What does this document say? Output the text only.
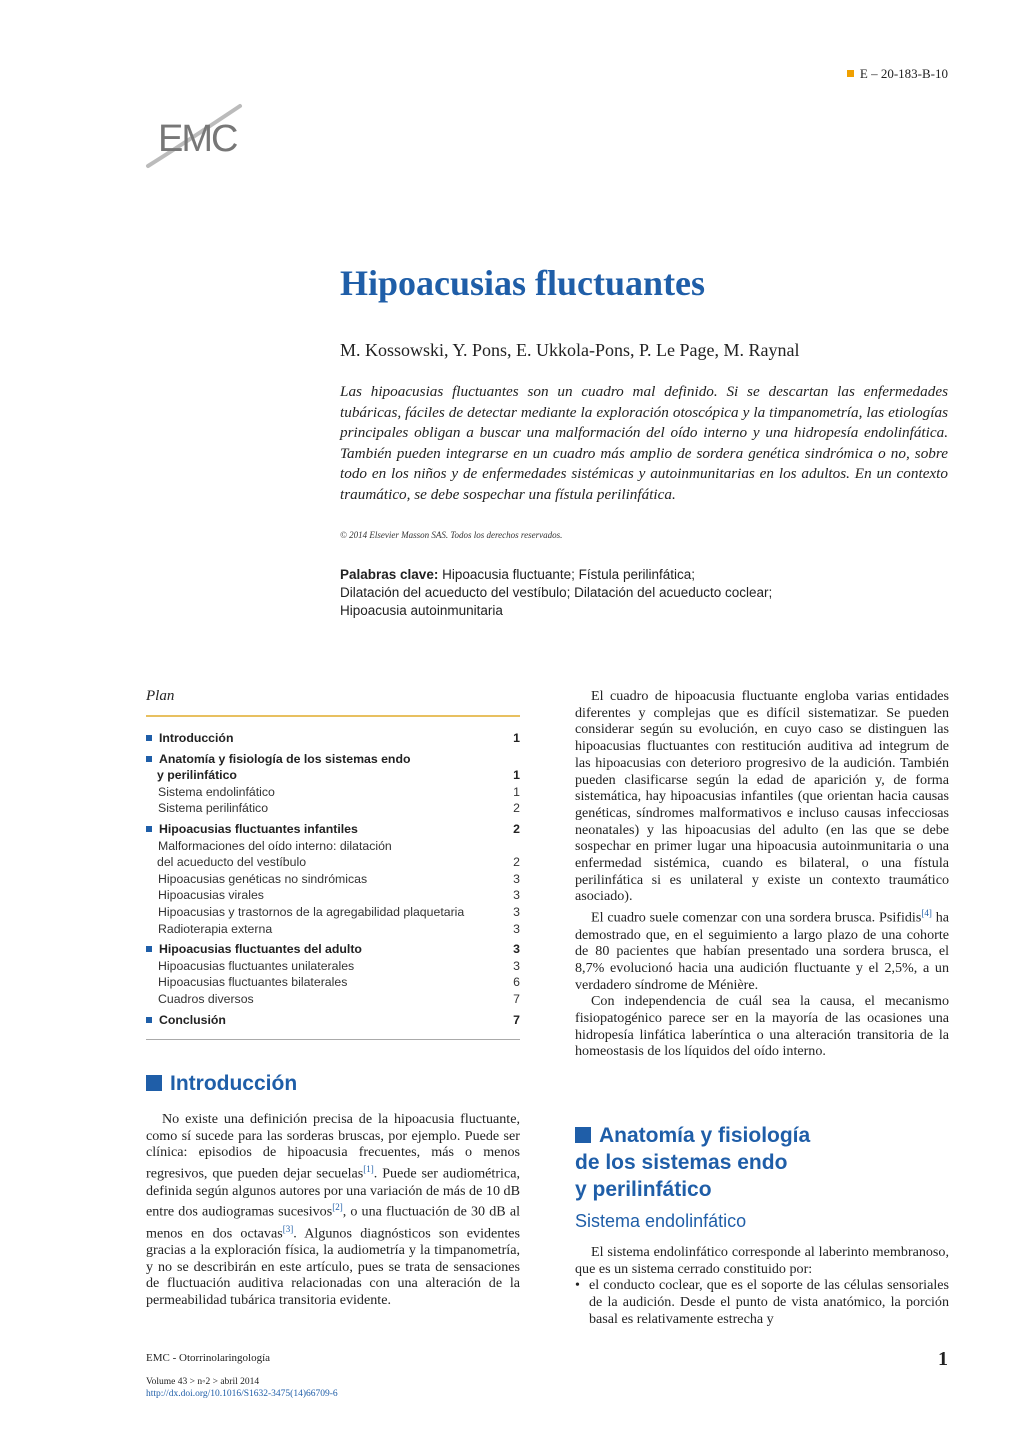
E – 20-183-B-10
EMC
Hipoacusias fluctuantes
M. Kossowski, Y. Pons, E. Ukkola-Pons, P. Le Page, M. Raynal

Las hipoacusias fluctuantes son un cuadro mal definido. Si se descartan las enfermedades tubáricas, fáciles de detectar mediante la exploración otoscópica y la timpanometría, las etiologías principales obligan a buscar una malformación del oído interno y una hidropesía endolinfática. También pueden integrarse en un cuadro más amplio de sordera genética sindrómica o no, sobre todo en los niños y de enfermedades sistémicas y autoinmunitarias en los adultos. En un contexto traumático, se debe sospechar una fístula perilinfática.

© 2014 Elsevier Masson SAS. Todos los derechos reservados.
Palabras clave: Hipoacusia fluctuante; Fístula perilinfática;
Dilatación del acueducto del vestíbulo; Dilatación del acueducto coclear;
Hipoacusia autoinmunitaria
Plan
Introducción	1
Anatomía y fisiología de los sistemas endo
y perilinfático	1
Sistema endolinfático	1
Sistema perilinfático	2
Hipoacusias fluctuantes infantiles	2
Malformaciones del oído interno: dilatación
del acueducto del vestíbulo	2
Hipoacusias genéticas no sindrómicas	3
Hipoacusias virales	3
Hipoacusias y trastornos de la agregabilidad plaquetaria	3
Radioterapia externa	3
Hipoacusias fluctuantes del adulto	3
Hipoacusias fluctuantes unilaterales	3
Hipoacusias fluctuantes bilaterales	6
Cuadros diversos	7
Conclusión	7
Introducción

No existe una definición precisa de la hipoacusia fluctuante, como sí sucede para las sorderas bruscas, por ejemplo. Puede ser clínica: episodios de hipoacusia frecuentes, más o menos regresivos, que pueden dejar secuelas[1]. Puede ser audiométrica, definida según algunos autores por una variación de más de 10 dB entre dos audiogramas sucesivos[2], o una fluctuación de 30 dB al menos en dos octavas[3]. Algunos diagnósticos son evidentes gracias a la exploración física, la audiometría y la timpanometría, y no se describirán en este artículo, pues se trata de sensaciones de fluctuación auditiva relacionadas con una alteración de la permeabilidad tubárica transitoria evidente.

El cuadro de hipoacusia fluctuante engloba varias entidades diferentes y complejas que es difícil sistematizar. Se pueden considerar según su evolución, en cuyo caso se distinguen las hipoacusias fluctuantes con restitución auditiva ad integrum de las hipoacusias con deterioro progresivo de la audición. También pueden clasificarse según la edad de aparición y, de forma sistemática, hay hipoacusias infantiles (que orientan hacia causas genéticas, síndromes malformativos e incluso causas infecciosas neonatales) y las hipoacusias del adulto (en las que se debe sospechar en primer lugar una hipoacusia autoinmunitaria o una enfermedad sistémica, cuando es bilateral, o una fístula perilinfática si es unilateral y existe un contexto traumático asociado).

El cuadro suele comenzar con una sordera brusca. Psifidis[4] ha demostrado que, en el seguimiento a largo plazo de una cohorte de 80 pacientes que habían presentado una sordera brusca, el 8,7% evolucionó hacia una audición fluctuante y el 2,5%, a un verdadero síndrome de Ménière.

Con independencia de cuál sea la causa, el mecanismo fisiopatogénico parece ser en la mayoría de las ocasiones una hidropesía linfática laberíntica o una alteración transitoria de la homeostasis de los líquidos del oído interno.

Anatomía y fisiología
de los sistemas endo
y perilinfático
Sistema endolinfático

El sistema endolinfático corresponde al laberinto membranoso, que es un sistema cerrado constituido por:

• el conducto coclear, que es el soporte de las células sensoriales de la audición. Desde el punto de vista anatómico, la porción basal es relativamente estrecha y

EMC - Otorrinolaringología	1
Volume 43 > n◦2 > abril 2014
http://dx.doi.org/10.1016/S1632-3475(14)66709-6
